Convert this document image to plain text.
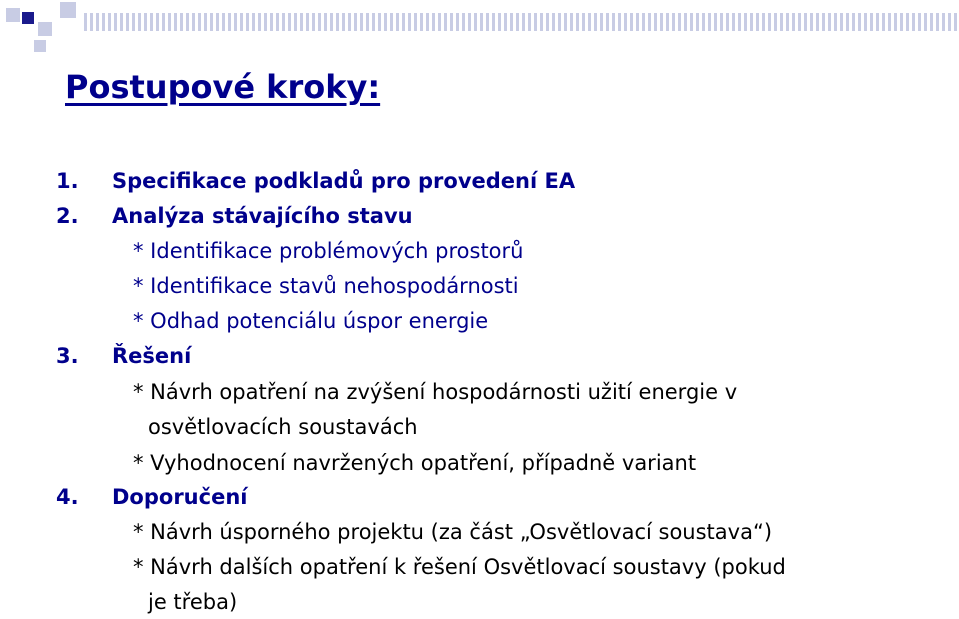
Postupové kroky:

1. Specifikace podkladů pro provedení EA

2. Analýza stávajícího stavu

* Identifikace problémových prostorů

* Identifikace stavů nehospodárnosti

* Odhad potenciálu úspor energie

3. Řešení

* Návrh opatření na zvýšení hospodárnosti užití energie v

osvětlovacích soustavách

* Vyhodnocení navržených opatření, případně variant

4. Doporučení

* Návrh úsporného projektu (za část „Osvětlovací soustava“)

* Návrh dalších opatření k řešení Osvětlovací soustavy (pokud

je třeba)
